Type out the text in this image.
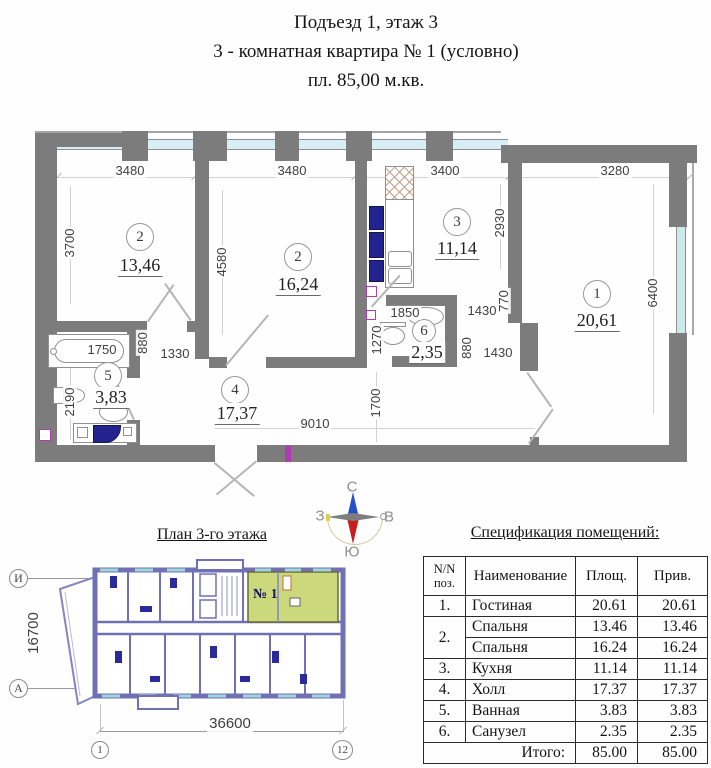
Подъезд 1, этаж 3
3 - комнатная квартира № 1 (условно)
пл. 85,00 м.кв.
3480	3480	3400	3280
3700
4580
2930
6400
2190
1750 880 1330
1850
1270	880 1430
1430 770
9010
1700
1
20,61
2
13,46	2
16,24
3
11,14
4
17,37
5
3,83
6
2,35
С
Ю
З	В
План 3-го этажа
№ 1
И
А
16700
36600
1	12
Спецификация помещений:
N/N
поз.	Наименование	Площ.	Прив.
1.	Гостиная	20.61	20.61
2.	Спальня	13.46	13.46
	Спальня	16.24	16.24
3.	Кухня	11.14	11.14
4.	Холл	17.37	17.37
5.	Ванная	3.83	3.83
6.	Санузел	2.35	2.35
Итого:		85.00	85.00
